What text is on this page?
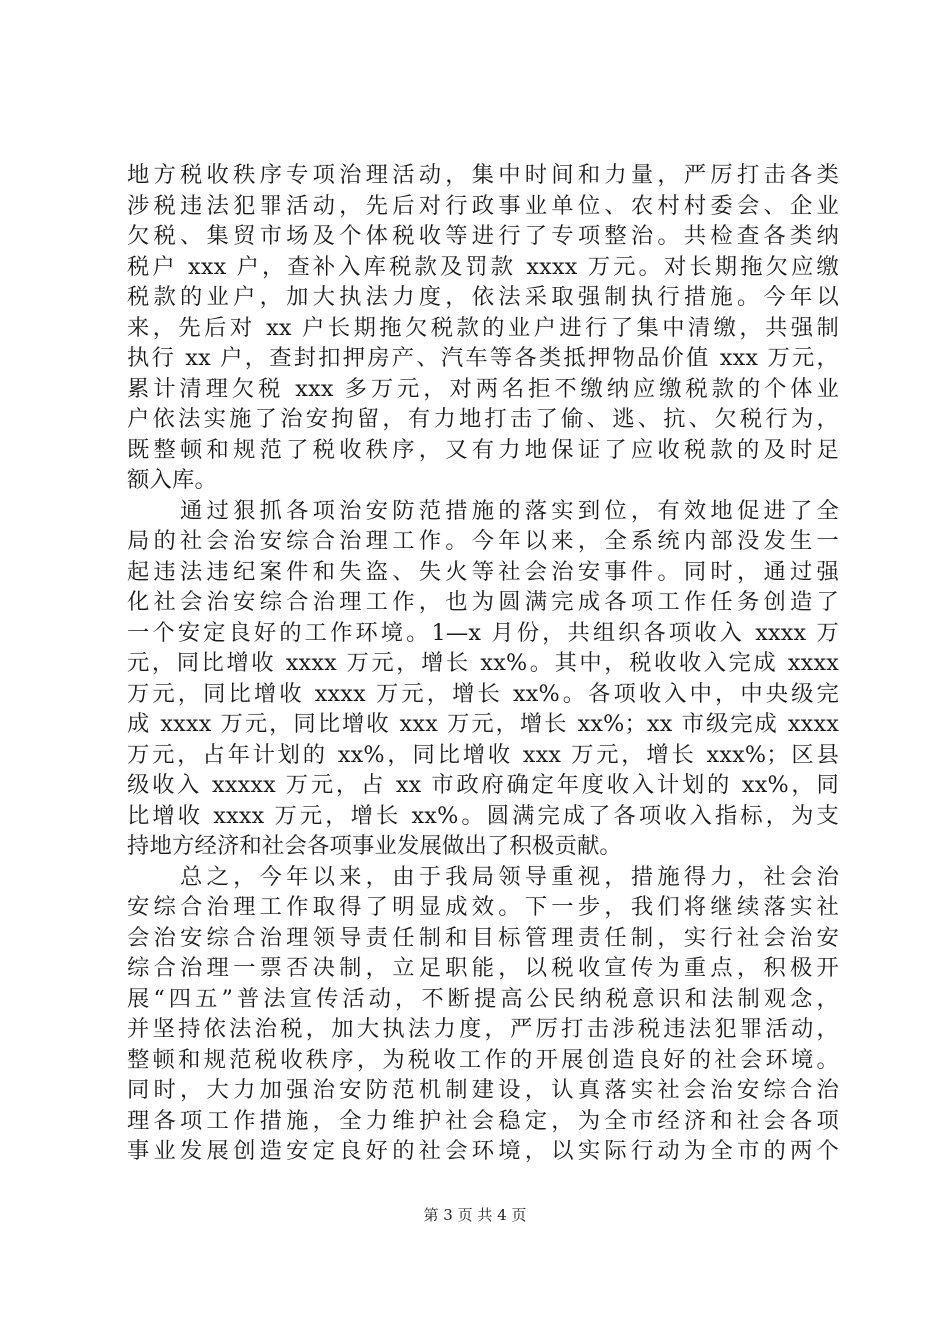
地方税收秩序专项治理活动，集中时间和力量，严厉打击各类
涉税违法犯罪活动，先后对行政事业单位、农村村委会、企业
欠税、集贸市场及个体税收等进行了专项整治。共检查各类纳
税户 xxx 户，查补入库税款及罚款 xxxx 万元。对长期拖欠应缴
税款的业户，加大执法力度，依法采取强制执行措施。今年以
来，先后对 xx 户长期拖欠税款的业户进行了集中清缴，共强制
执行 xx 户，查封扣押房产、汽车等各类抵押物品价值 xxx 万元，
累计清理欠税 xxx 多万元，对两名拒不缴纳应缴税款的个体业
户依法实施了治安拘留，有力地打击了偷、逃、抗、欠税行为，
既整顿和规范了税收秩序，又有力地保证了应收税款的及时足
额入库。
　　通过狠抓各项治安防范措施的落实到位，有效地促进了全
局的社会治安综合治理工作。今年以来，全系统内部没发生一
起违法违纪案件和失盗、失火等社会治安事件。同时，通过强
化社会治安综合治理工作，也为圆满完成各项工作任务创造了
一个安定良好的工作环境。1—x 月份，共组织各项收入 xxxx 万
元，同比增收 xxxx 万元，增长 xx%。其中，税收收入完成 xxxx
万元，同比增收 xxxx 万元，增长 xx%。各项收入中，中央级完
成 xxxx 万元，同比增收 xxx 万元，增长 xx%；xx 市级完成 xxxx
万元，占年计划的 xx%，同比增收 xxx 万元，增长 xxx%；区县
级收入 xxxxx 万元，占 xx 市政府确定年度收入计划的 xx%，同
比增收 xxxx 万元，增长 xx%。圆满完成了各项收入指标，为支
持地方经济和社会各项事业发展做出了积极贡献。
　　总之，今年以来，由于我局领导重视，措施得力，社会治
安综合治理工作取得了明显成效。下一步，我们将继续落实社
会治安综合治理领导责任制和目标管理责任制，实行社会治安
综合治理一票否决制，立足职能，以税收宣传为重点，积极开
展“四五”普法宣传活动，不断提高公民纳税意识和法制观念，
并坚持依法治税，加大执法力度，严厉打击涉税违法犯罪活动，
整顿和规范税收秩序，为税收工作的开展创造良好的社会环境。
同时，大力加强治安防范机制建设，认真落实社会治安综合治
理各项工作措施，全力维护社会稳定，为全市经济和社会各项
事业发展创造安定良好的社会环境，以实际行动为全市的两个
第 3 页 共 4 页
